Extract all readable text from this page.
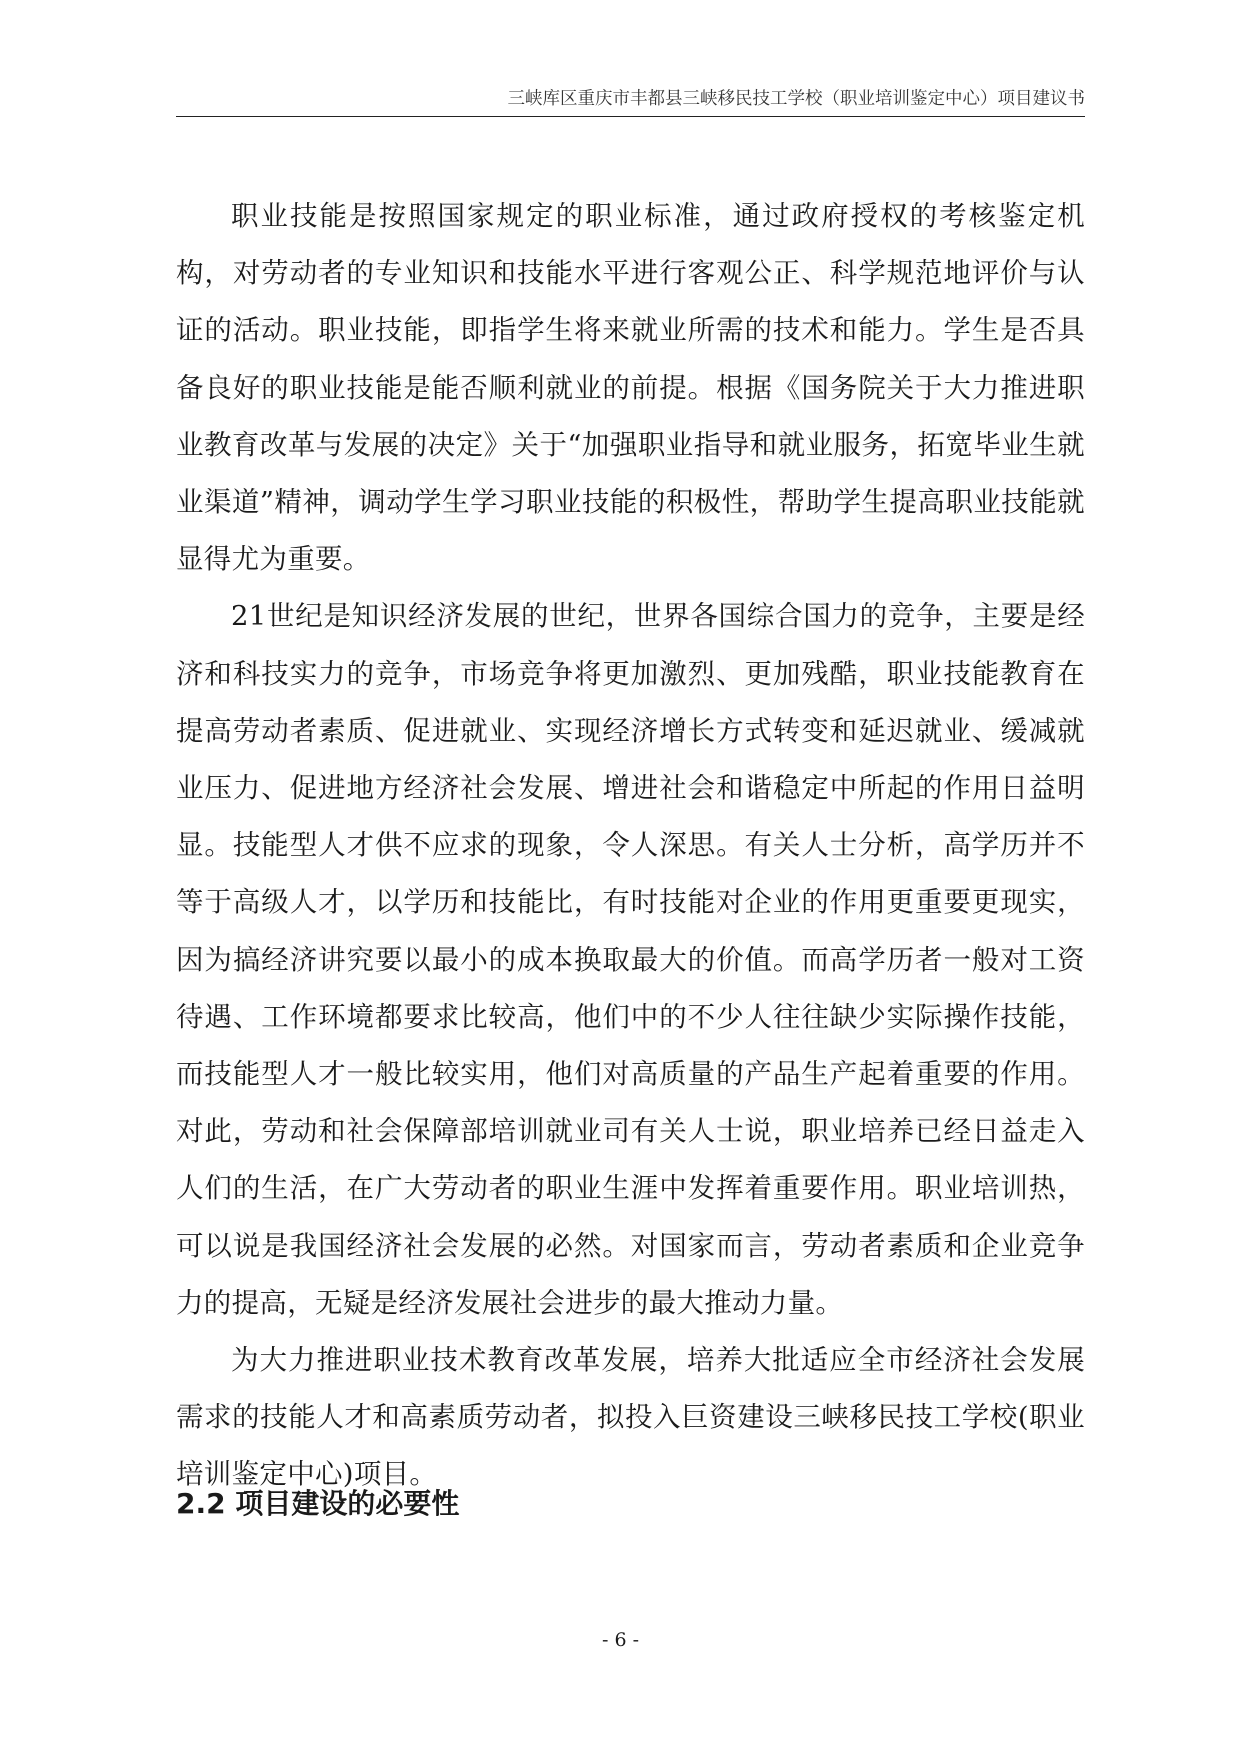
三峡库区重庆市丰都县三峡移民技工学校（职业培训鉴定中心）项目建议书

职业技能是按照国家规定的职业标准，通过政府授权的考核鉴定机构，对劳动者的专业知识和技能水平进行客观公正、科学规范地评价与认证的活动。职业技能，即指学生将来就业所需的技术和能力。学生是否具备良好的职业技能是能否顺利就业的前提。根据《国务院关于大力推进职业教育改革与发展的决定》关于“加强职业指导和就业服务，拓宽毕业生就业渠道”精神，调动学生学习职业技能的积极性，帮助学生提高职业技能就显得尤为重要。

21世纪是知识经济发展的世纪，世界各国综合国力的竞争，主要是经济和科技实力的竞争，市场竞争将更加激烈、更加残酷，职业技能教育在提高劳动者素质、促进就业、实现经济增长方式转变和延迟就业、缓减就业压力、促进地方经济社会发展、增进社会和谐稳定中所起的作用日益明显。技能型人才供不应求的现象，令人深思。有关人士分析，高学历并不等于高级人才，以学历和技能比，有时技能对企业的作用更重要更现实，因为搞经济讲究要以最小的成本换取最大的价值。而高学历者一般对工资待遇、工作环境都要求比较高，他们中的不少人往往缺少实际操作技能，而技能型人才一般比较实用，他们对高质量的产品生产起着重要的作用。对此，劳动和社会保障部培训就业司有关人士说，职业培养已经日益走入人们的生活，在广大劳动者的职业生涯中发挥着重要作用。职业培训热，可以说是我国经济社会发展的必然。对国家而言，劳动者素质和企业竞争力的提高，无疑是经济发展社会进步的最大推动力量。

为大力推进职业技术教育改革发展，培养大批适应全市经济社会发展需求的技能人才和高素质劳动者，拟投入巨资建设三峡移民技工学校(职业培训鉴定中心)项目。

2.2 项目建设的必要性
- 6 -
